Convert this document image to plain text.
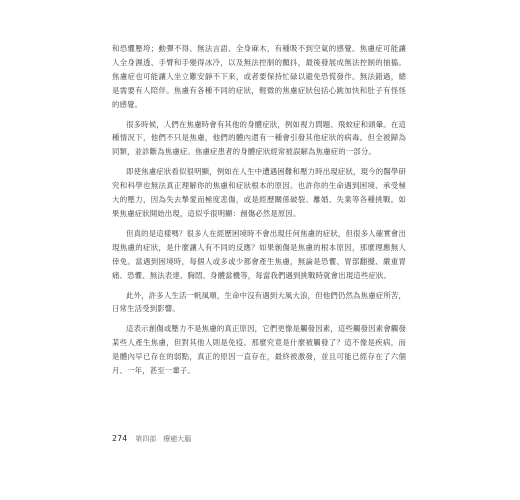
和恐懼壓垮；動彈不得、無法言語、全身麻木，有種吸不到空氣的感覺。焦慮症可能讓人全身濕透、手臂和手變得冰冷，以及無法控制的顫抖，最後發展成無法控制的抽搐。焦慮症也可能讓人坐立難安靜不下來，或者要保持忙碌以避免恐慌發作。無法錯過，總是需要有人陪伴。焦慮有各種不同的症狀，輕微的焦慮症狀包括心跳加快和肚子有怪怪的感覺。

很多時候，人們在焦慮時會有其他的身體症狀，例如視力問題、飛蚊症和頭暈。在這種情況下，他們不只是焦慮，他們的體內還有一種會引發其他症狀的病毒。但全被歸為同類，並診斷為焦慮症。焦慮症患者的身體症狀經常被誤解為焦慮症的一部分。

即使焦慮症狀看似很明顯，例如在人生中遭遇困難和壓力時出現症狀，現今的醫學研究和科學也無法真正理解你的焦慮和症狀根本的原因。也許你的生命遇到困境、承受極大的壓力，因為失去摯愛而極度悲傷，或是經歷關係破裂、離婚、失業等各種挑戰。如果焦慮症狀開始出現，這似乎很明顯：創傷必然是原因。

但真的是這樣嗎？很多人在經歷困境時不會出現任何焦慮的症狀，但很多人確實會出現焦慮的症狀，是什麼讓人有不同的反應？如果創傷是焦慮的根本原因，那麼理應無人倖免。當遇到困境時，每個人或多或少都會產生焦慮，無論是恐懼、胃部翻攪、嚴重胃痛、恐懼、無法表達、胸悶、身體當機等，每當我們遇到挑戰時就會出現這些症狀。

此外，許多人生活一帆風順，生命中沒有遇到大風大浪，但他們仍然為焦慮症所苦，日常生活受到影響。

這表示創傷或壓力不是焦慮的真正原因，它們更像是觸發因素，這些觸發因素會觸發某些人產生焦慮，但對其他人則是免疫。那麼究竟是什麼被觸發了？這不像是疾病，而是體內早已存在的弱點，真正的原因一直存在，最終被激發，並且可能已經存在了六個月、一年，甚至一輩子。

274 第四部　療癒大腦
